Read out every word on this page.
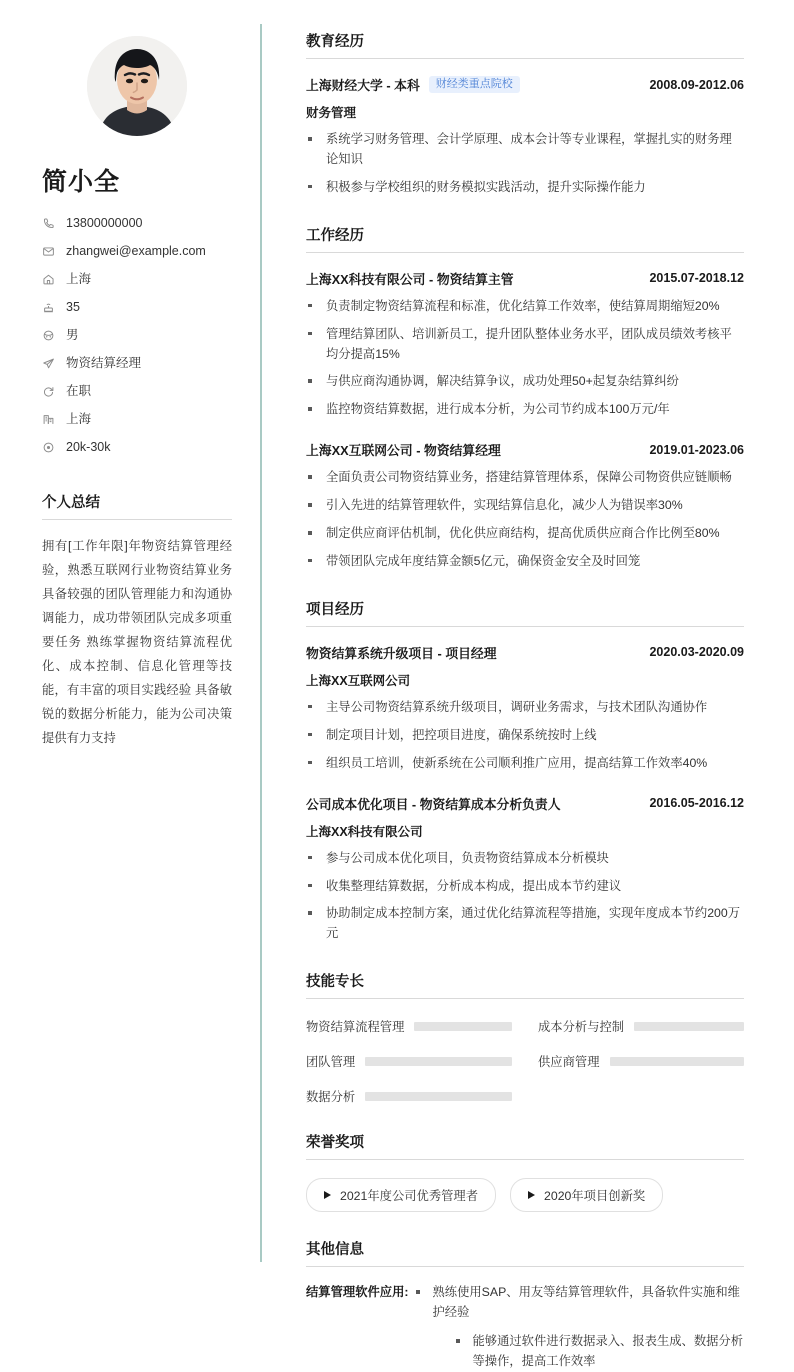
简小全
13800000000
zhangwei@example.com
上海
35
男
物资结算经理
在职
上海
20k-30k
个人总结
拥有[工作年限]年物资结算管理经验，熟悉互联网行业物资结算业务 具备较强的团队管理能力和沟通协调能力，成功带领团队完成多项重要任务 熟练掌握物资结算流程优化、成本控制、信息化管理等技能，有丰富的项目实践经验 具备敏锐的数据分析能力，能为公司决策提供有力支持
教育经历
上海财经大学 - 本科	财经类重点院校	2008.09-2012.06
财务管理
系统学习财务管理、会计学原理、成本会计等专业课程，掌握扎实的财务理论知识
积极参与学校组织的财务模拟实践活动，提升实际操作能力
工作经历
上海XX科技有限公司 - 物资结算主管	2015.07-2018.12
负责制定物资结算流程和标准，优化结算工作效率，使结算周期缩短20%
管理结算团队、培训新员工，提升团队整体业务水平，团队成员绩效考核平均分提高15%
与供应商沟通协调，解决结算争议，成功处理50+起复杂结算纠纷
监控物资结算数据，进行成本分析，为公司节约成本100万元/年
上海XX互联网公司 - 物资结算经理	2019.01-2023.06
全面负责公司物资结算业务，搭建结算管理体系，保障公司物资供应链顺畅
引入先进的结算管理软件，实现结算信息化，减少人为错误率30%
制定供应商评估机制，优化供应商结构，提高优质供应商合作比例至80%
带领团队完成年度结算金额5亿元，确保资金安全及时回笼
项目经历
物资结算系统升级项目 - 项目经理	2020.03-2020.09
上海XX互联网公司
主导公司物资结算系统升级项目，调研业务需求，与技术团队沟通协作
制定项目计划，把控项目进度，确保系统按时上线
组织员工培训，使新系统在公司顺利推广应用，提高结算工作效率40%
公司成本优化项目 - 物资结算成本分析负责人	2016.05-2016.12
上海XX科技有限公司
参与公司成本优化项目，负责物资结算成本分析模块
收集整理结算数据，分析成本构成，提出成本节约建议
协助制定成本控制方案，通过优化结算流程等措施，实现年度成本节约200万元
技能专长
物资结算流程管理	成本分析与控制
团队管理	供应商管理
数据分析
荣誉奖项
2021年度公司优秀管理者	2020年项目创新奖
其他信息
结算管理软件应用:	熟练使用SAP、用友等结算管理软件，具备软件实施和维护经验
能够通过软件进行数据录入、报表生成、数据分析等操作，提高工作效率
